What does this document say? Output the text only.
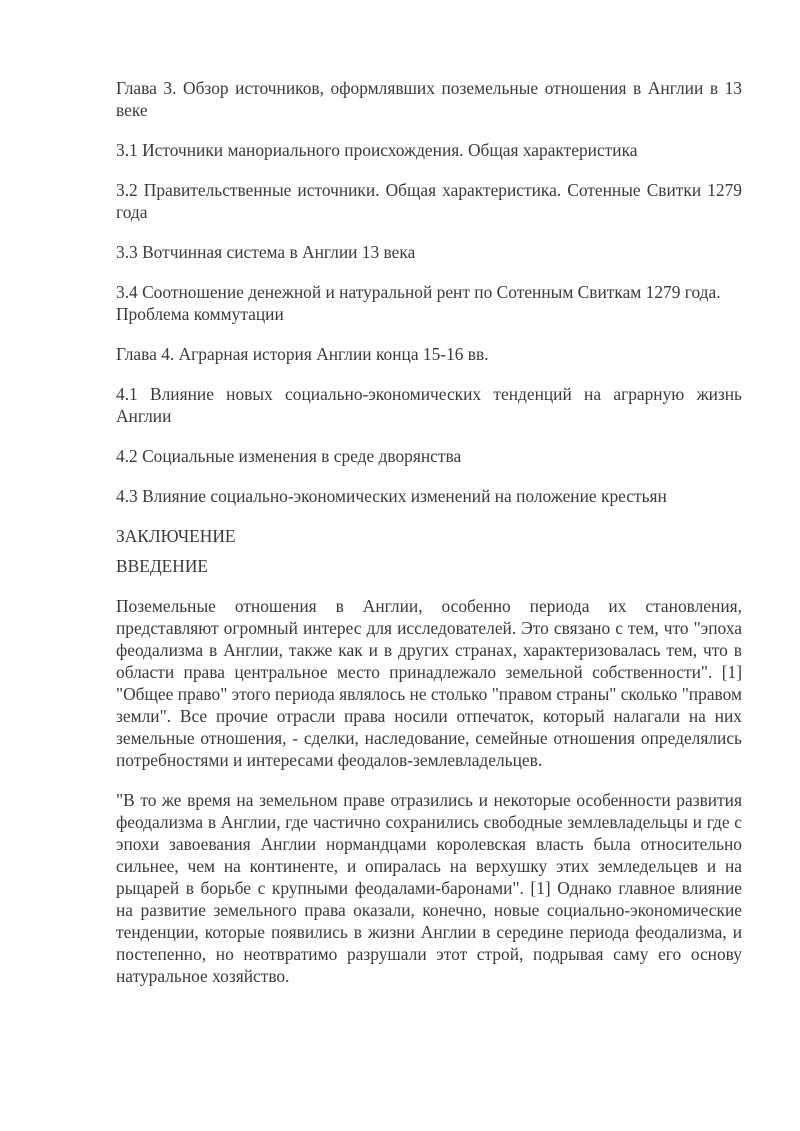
Глава 3. Обзор источников, оформлявших поземельные отношения в Англии в 13 веке

3.1 Источники манориального происхождения. Общая характеристика

3.2 Правительственные источники. Общая характеристика. Сотенные Свитки 1279 года

3.3 Вотчинная система в Англии 13 века

3.4 Соотношение денежной и натуральной рент по Сотенным Свиткам 1279 года. Проблема коммутации

Глава 4. Аграрная история Англии конца 15-16 вв.

4.1 Влияние новых социально-экономических тенденций на аграрную жизнь Англии

4.2 Социальные изменения в среде дворянства

4.3 Влияние социально-экономических изменений на положение крестьян

ЗАКЛЮЧЕНИЕ

ВВЕДЕНИЕ

Поземельные отношения в Англии, особенно периода их становления, представляют огромный интерес для исследователей. Это связано с тем, что "эпоха феодализма в Англии, также как и в других странах, характеризовалась тем, что в области права центральное место принадлежало земельной собственности". [1] "Общее право" этого периода являлось не столько "правом страны" сколько "правом земли". Все прочие отрасли права носили отпечаток, который налагали на них земельные отношения, - сделки, наследование, семейные отношения определялись потребностями и интересами феодалов-землевладельцев.

"В то же время на земельном праве отразились и некоторые особенности развития феодализма в Англии, где частично сохранились свободные землевладельцы и где с эпохи завоевания Англии нормандцами королевская власть была относительно сильнее, чем на континенте, и опиралась на верхушку этих земледельцев и на рыцарей в борьбе с крупными феодалами-баронами". [1] Однако главное влияние на развитие земельного права оказали, конечно, новые социально-экономические тенденции, которые появились в жизни Англии в середине периода феодализма, и постепенно, но неотвратимо разрушали этот строй, подрывая саму его основу натуральное хозяйство.
